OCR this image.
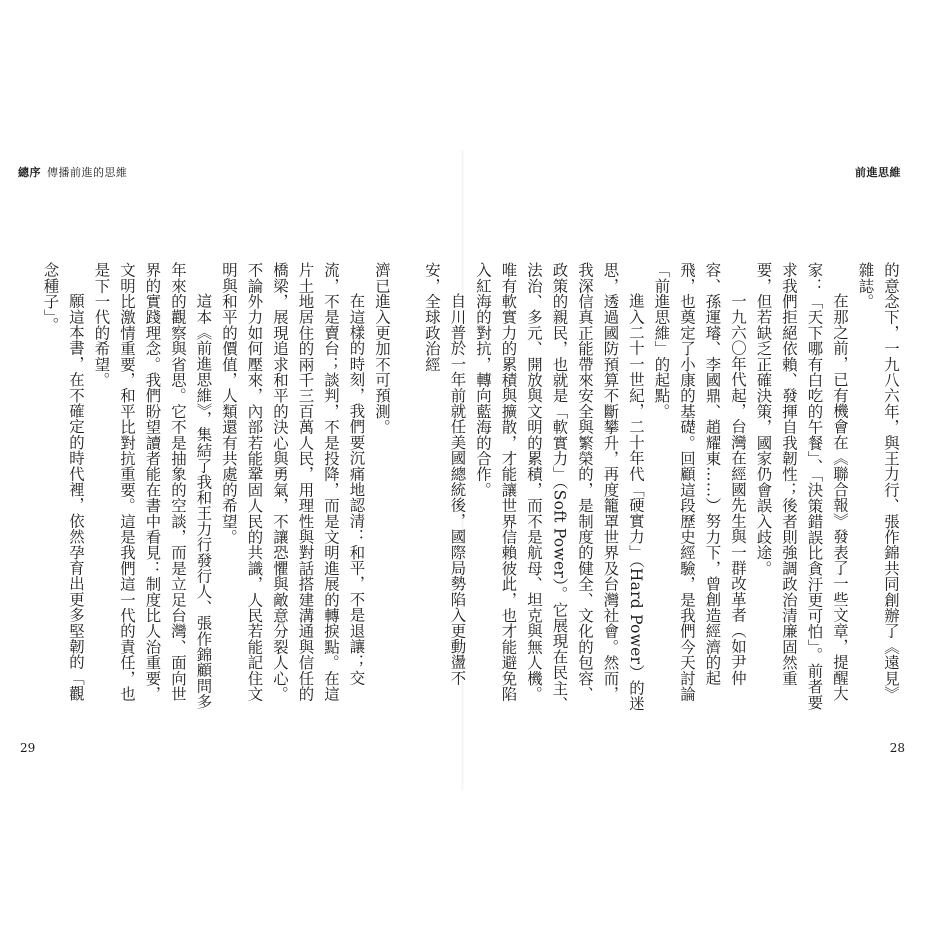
總序 傳播前進的思維

濟已進入更加不可預測。

在這樣的時刻，我們要沉痛地認清：和平，不是退讓；交流，不是賣台；談判，不是投降，而是文明進展的轉捩點。在這片土地居住的兩千三百萬人民，用理性與對話搭建溝通與信任的橋梁，展現追求和平的決心與勇氣，不讓恐懼與敵意分裂人心。不論外力如何壓來，內部若能鞏固人民的共識，人民若能記住文明與和平的價值，人類還有共處的希望。

這本《前進思維》，集結了我和王力行發行人、張作錦顧問多年來的觀察與省思。它不是抽象的空談，而是立足台灣、面向世界的實踐理念。我們盼望讀者能在書中看見：制度比人治重要，文明比激情重要，和平比對抗重要。這是我們這一代的責任，也是下一代的希望。

願這本書，在不確定的時代裡，依然孕育出更多堅韌的「觀念種子」。

29
前進思維

的意念下，一九八六年，與王力行、張作錦共同創辦了《遠見》雜誌。

在那之前，已有機會在《聯合報》發表了一些文章，提醒大家：「天下哪有白吃的午餐」、「決策錯誤比貪汙更可怕」。前者要求我們拒絕依賴、發揮自我韌性；後者則強調政治清廉固然重要，但若缺乏正確決策，國家仍會誤入歧途。

一九六〇年代起，台灣在經國先生與一群改革者（如尹仲容、孫運璿、李國鼎、趙耀東……）努力下，曾創造經濟的起飛，也奠定了小康的基礎。回顧這段歷史經驗，是我們今天討論「前進思維」的起點。

進入二十一世紀，二十年代「硬實力」（Hard Power）的迷思，透過國防預算不斷攀升，再度籠罩世界及台灣社會。然而，我深信真正能帶來安全與繁榮的，是制度的健全、文化的包容、政策的親民，也就是「軟實力」（Soft Power）。它展現在民主、法治、多元、開放與文明的累積，而不是航母、坦克與無人機。唯有軟實力的累積與擴散，才能讓世界信賴彼此，也才能避免陷入紅海的對抗，轉向藍海的合作。

自川普於一年前就任美國總統後，國際局勢陷入更動盪不安，全球政治經

28
